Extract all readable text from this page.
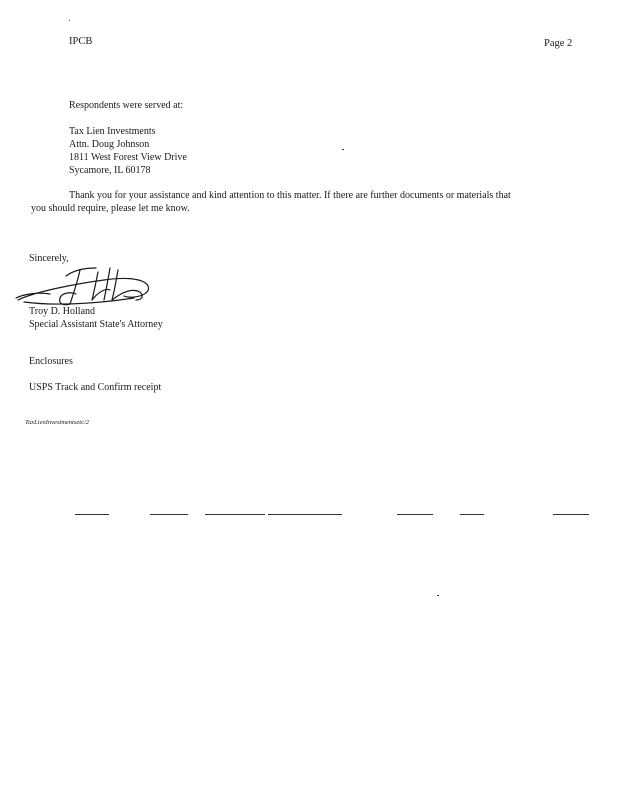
IPCB	Page 2
Respondents were served at:
Tax Lien Investments
Attn. Doug Johnson
1811 West Forest View Drive
Sycamore, IL 60178
Thank you for your assistance and kind attention to this matter. If there are further documents or materials that
you should require, please let me know.
Sincerely,
Troy D. Holland
Special Assistant State's Attorney
Enclosures
USPS Track and Confirm receipt
TaxLienInvestmentsetc/2
